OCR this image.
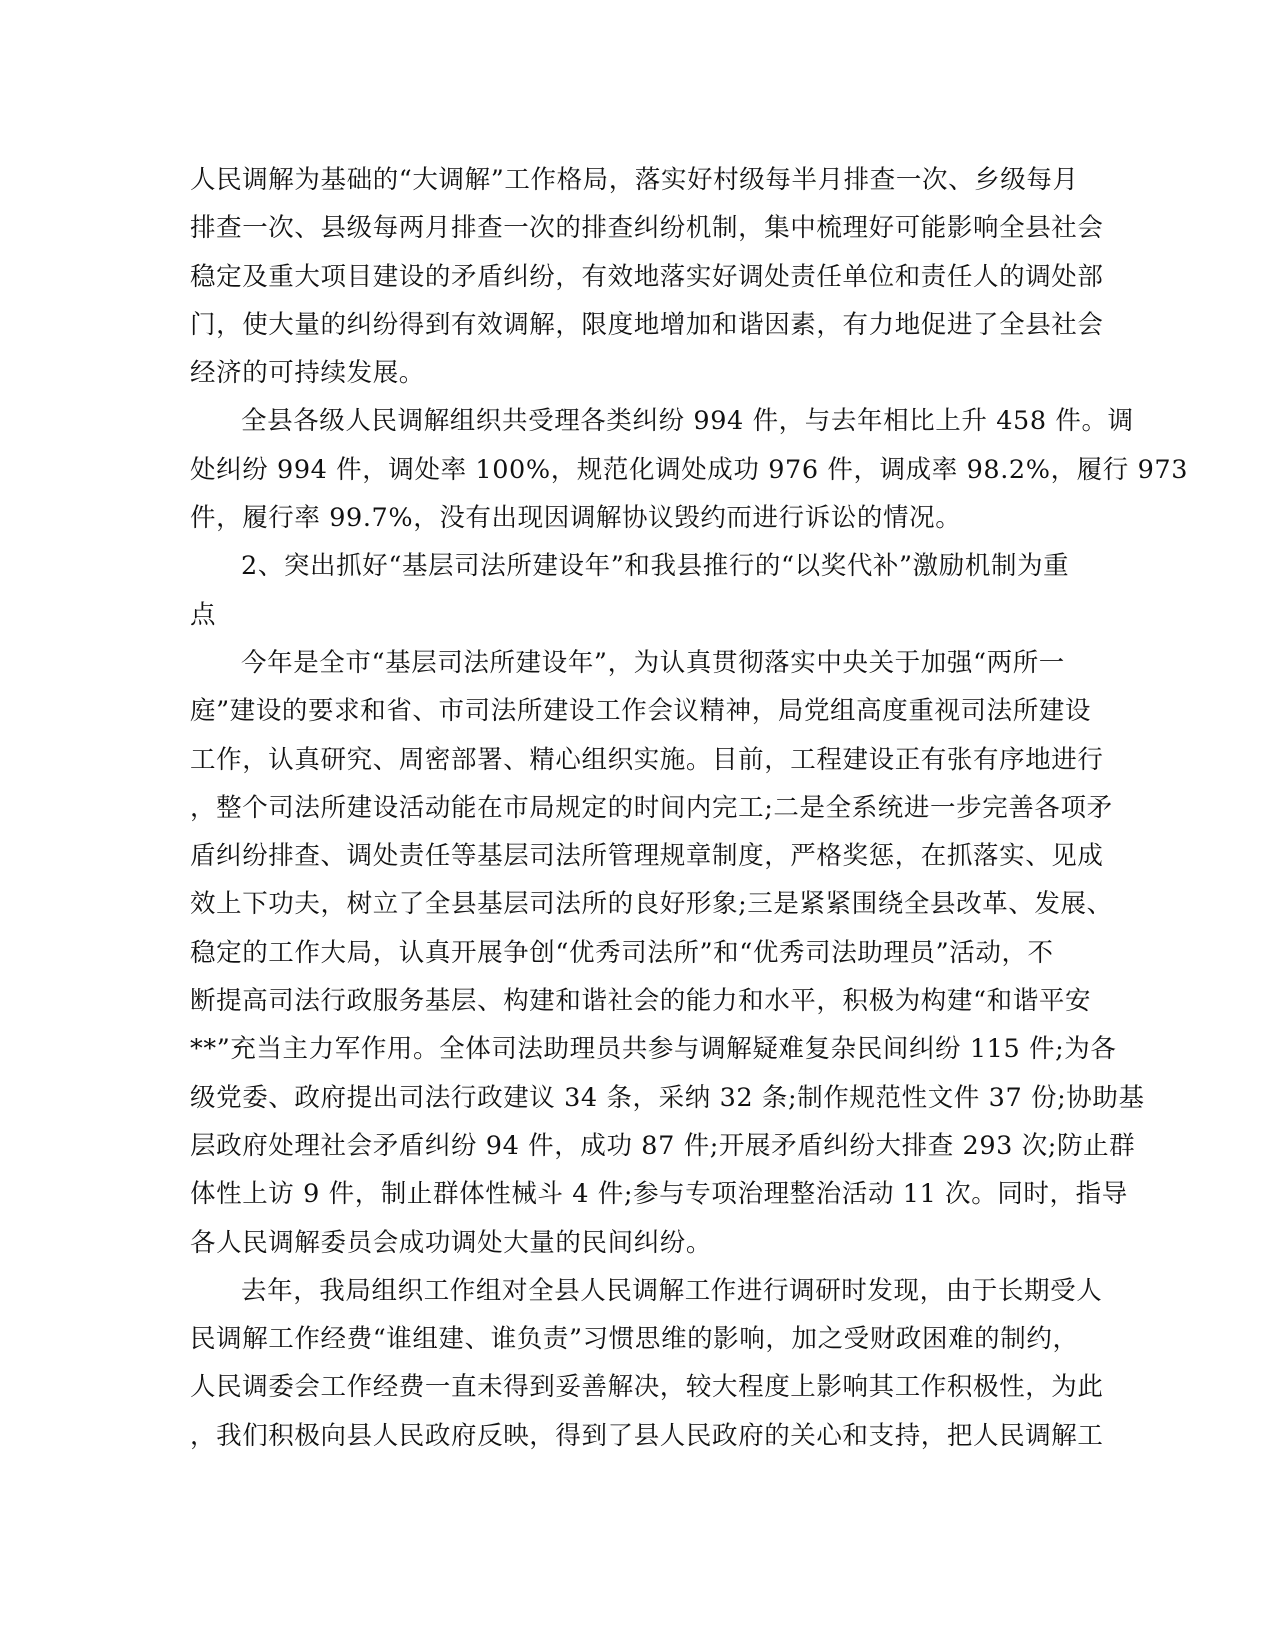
人民调解为基础的“大调解”工作格局，落实好村级每半月排查一次、乡级每月
排查一次、县级每两月排查一次的排查纠纷机制，集中梳理好可能影响全县社会
稳定及重大项目建设的矛盾纠纷，有效地落实好调处责任单位和责任人的调处部
门，使大量的纠纷得到有效调解，限度地增加和谐因素，有力地促进了全县社会
经济的可持续发展。
全县各级人民调解组织共受理各类纠纷 994 件，与去年相比上升 458 件。调
处纠纷 994 件，调处率 100%，规范化调处成功 976 件，调成率 98.2%，履行 973
件，履行率 99.7%，没有出现因调解协议毁约而进行诉讼的情况。
2、突出抓好“基层司法所建设年”和我县推行的“以奖代补”激励机制为重
点
今年是全市“基层司法所建设年”，为认真贯彻落实中央关于加强“两所一
庭”建设的要求和省、市司法所建设工作会议精神，局党组高度重视司法所建设
工作，认真研究、周密部署、精心组织实施。目前，工程建设正有张有序地进行
，整个司法所建设活动能在市局规定的时间内完工;二是全系统进一步完善各项矛
盾纠纷排查、调处责任等基层司法所管理规章制度，严格奖惩，在抓落实、见成
效上下功夫，树立了全县基层司法所的良好形象;三是紧紧围绕全县改革、发展、
稳定的工作大局，认真开展争创“优秀司法所”和“优秀司法助理员”活动，不
断提高司法行政服务基层、构建和谐社会的能力和水平，积极为构建“和谐平安
**”充当主力军作用。全体司法助理员共参与调解疑难复杂民间纠纷 115 件;为各
级党委、政府提出司法行政建议 34 条，采纳 32 条;制作规范性文件 37 份;协助基
层政府处理社会矛盾纠纷 94 件，成功 87 件;开展矛盾纠纷大排查 293 次;防止群
体性上访 9 件，制止群体性械斗 4 件;参与专项治理整治活动 11 次。同时，指导
各人民调解委员会成功调处大量的民间纠纷。
去年，我局组织工作组对全县人民调解工作进行调研时发现，由于长期受人
民调解工作经费“谁组建、谁负责”习惯思维的影响，加之受财政困难的制约，
人民调委会工作经费一直未得到妥善解决，较大程度上影响其工作积极性，为此
，我们积极向县人民政府反映，得到了县人民政府的关心和支持，把人民调解工
